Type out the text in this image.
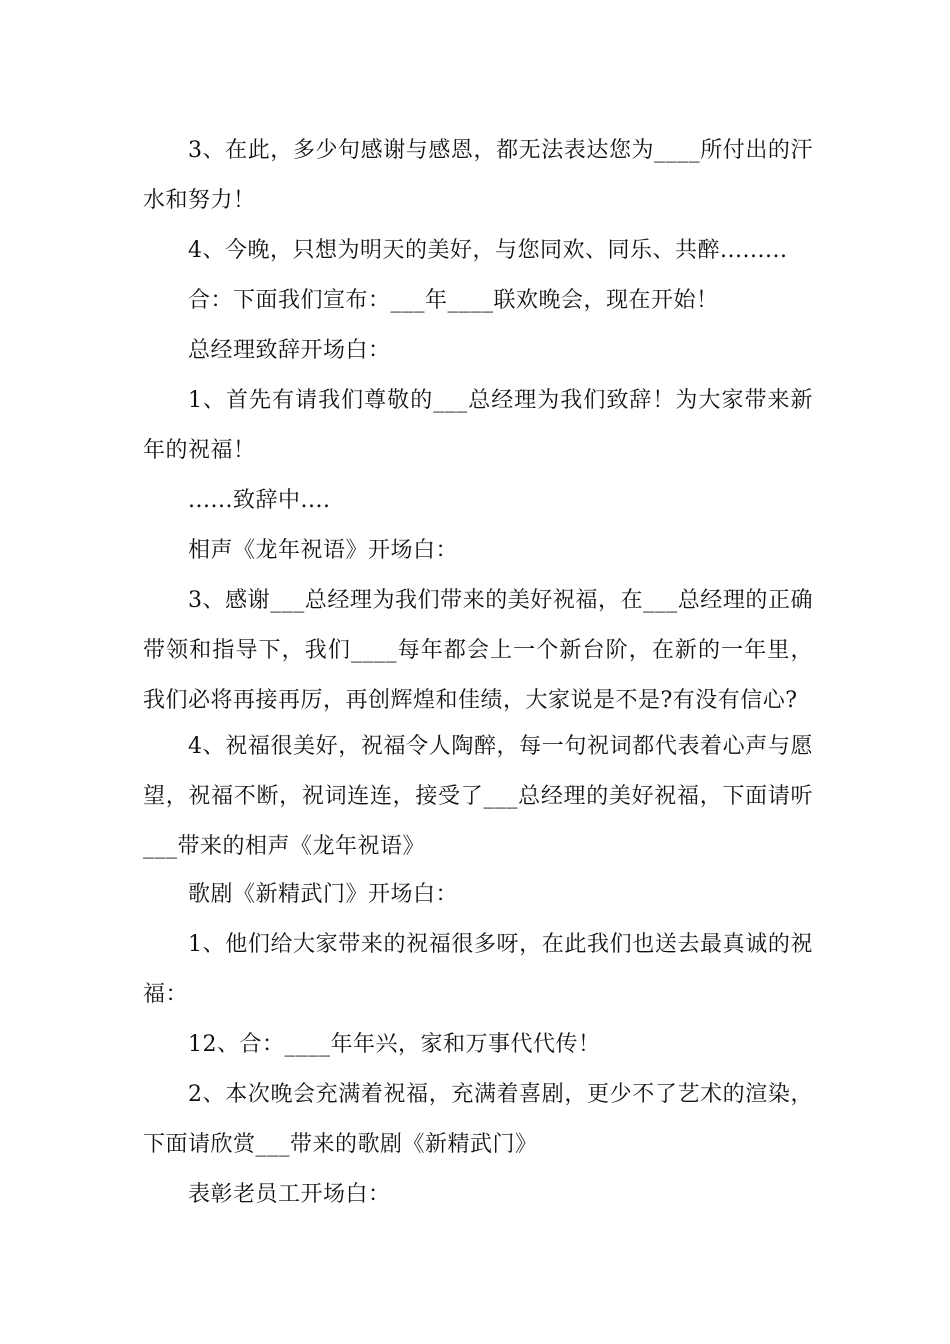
3、在此，多少句感谢与感恩，都无法表达您为____所付出的汗水和努力！

4、今晚，只想为明天的美好，与您同欢、同乐、共醉.........

合：下面我们宣布：___年____联欢晚会，现在开始！

总经理致辞开场白：

1、首先有请我们尊敬的___总经理为我们致辞！为大家带来新年的祝福！

......致辞中....

相声《龙年祝语》开场白：

3、感谢___总经理为我们带来的美好祝福，在___总经理的正确带领和指导下，我们____每年都会上一个新台阶，在新的一年里，我们必将再接再厉，再创辉煌和佳绩，大家说是不是?有没有信心?

4、祝福很美好，祝福令人陶醉，每一句祝词都代表着心声与愿望，祝福不断，祝词连连，接受了___总经理的美好祝福，下面请听___带来的相声《龙年祝语》

歌剧《新精武门》开场白：

1、他们给大家带来的祝福很多呀，在此我们也送去最真诚的祝福：

12、合：____年年兴，家和万事代代传！

2、本次晚会充满着祝福，充满着喜剧，更少不了艺术的渲染，下面请欣赏___带来的歌剧《新精武门》

表彰老员工开场白：
